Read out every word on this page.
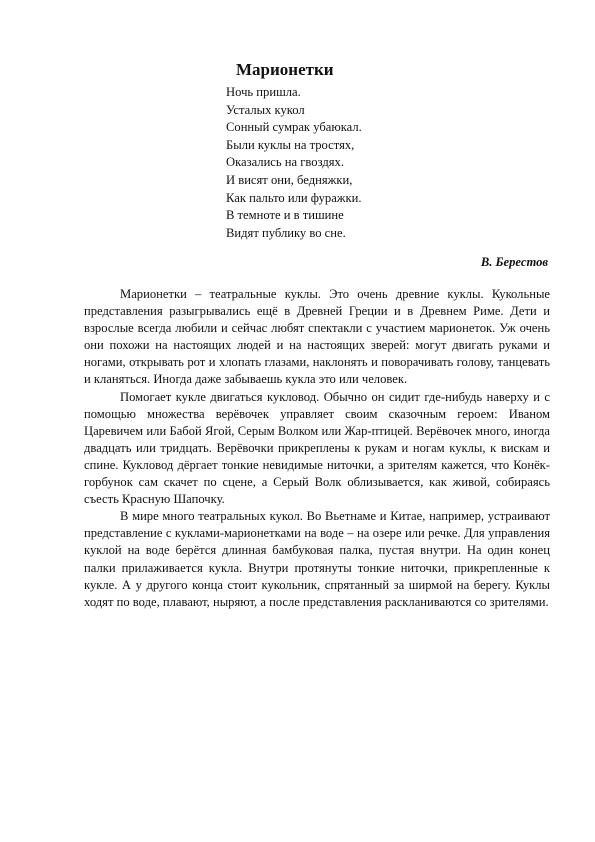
Марионетки
Ночь пришла.
Усталых кукол
Сонный сумрак убаюкал.
Были куклы на тростях,
Оказались на гвоздях.
И висят они, бедняжки,
Как пальто или фуражки.
В темноте и в тишине
Видят публику во сне.

В. Берестов

Марионетки – театральные куклы. Это очень древние куклы. Кукольные представления разыгрывались ещё в Древней Греции и в Древнем Риме. Дети и взрослые всегда любили и сейчас любят спектакли с участием марионеток. Уж очень они похожи на настоящих людей и на настоящих зверей: могут двигать руками и ногами, открывать рот и хлопать глазами, наклонять и поворачивать голову, танцевать и кланяться. Иногда даже забываешь кукла это или человек.

Помогает кукле двигаться кукловод. Обычно он сидит где-нибудь наверху и с помощью множества верёвочек управляет своим сказочным героем: Иваном Царевичем или Бабой Ягой, Серым Волком или Жар-птицей. Верёвочек много, иногда двадцать или тридцать. Верёвочки прикреплены к рукам и ногам куклы, к вискам и спине. Кукловод дёргает тонкие невидимые ниточки, а зрителям кажется, что Конёк-горбунок сам скачет по сцене, а Серый Волк облизывается, как живой, собираясь съесть Красную Шапочку.

В мире много театральных кукол. Во Вьетнаме и Китае, например, устраивают представление с куклами-марионетками на воде – на озере или речке. Для управления куклой на воде берётся длинная бамбуковая палка, пустая внутри. На один конец палки прилаживается кукла. Внутри протянуты тонкие ниточки, прикрепленные к кукле. А у другого конца стоит кукольник, спрятанный за ширмой на берегу. Куклы ходят по воде, плавают, ныряют, а после представления раскланиваются со зрителями.
